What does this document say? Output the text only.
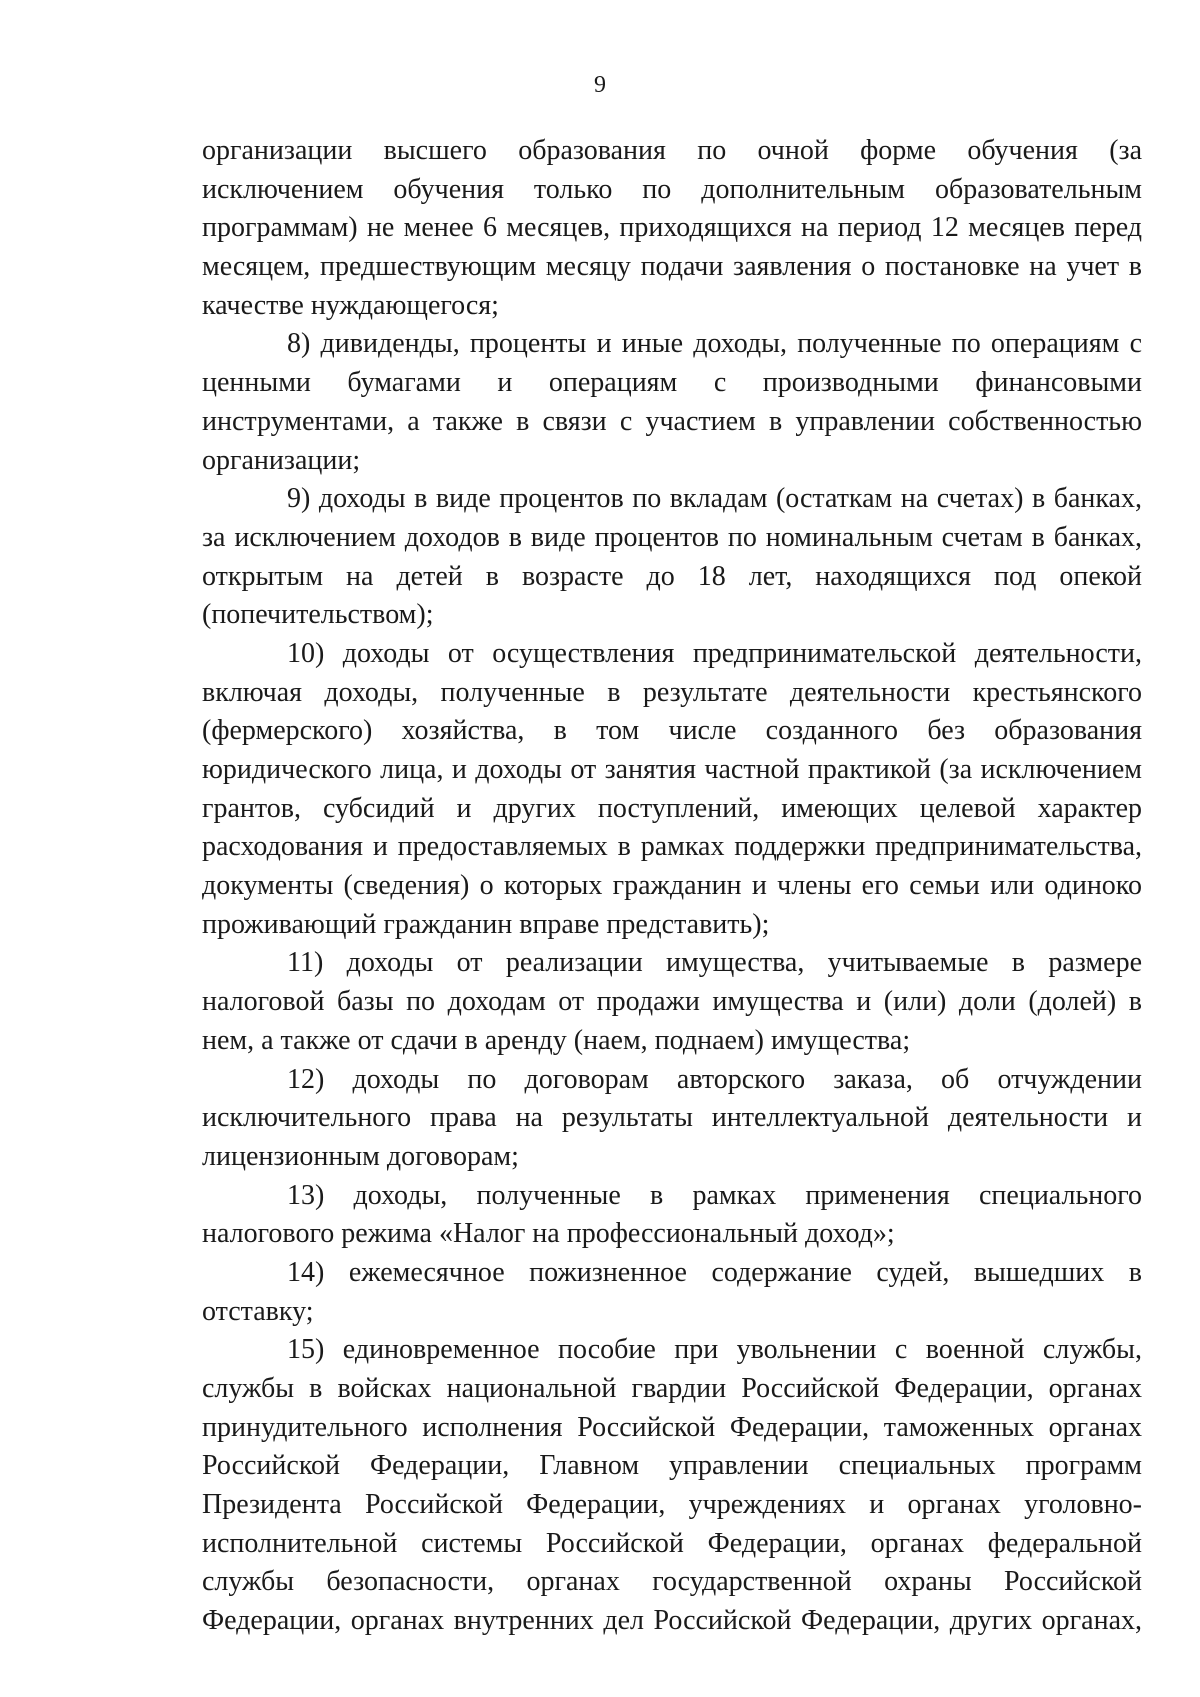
9
организации высшего образования по очной форме обучения (за
исключением обучения только по дополнительным образовательным
программам) не менее 6 месяцев, приходящихся на период 12 месяцев перед
месяцем, предшествующим месяцу подачи заявления о постановке на учет в
качестве нуждающегося;
8) дивиденды, проценты и иные доходы, полученные по операциям с
ценными бумагами и операциям с производными финансовыми
инструментами, а также в связи с участием в управлении собственностью
организации;
9) доходы в виде процентов по вкладам (остаткам на счетах) в банках,
за исключением доходов в виде процентов по номинальным счетам в банках,
открытым на детей в возрасте до 18 лет, находящихся под опекой
(попечительством);
10) доходы от осуществления предпринимательской деятельности,
включая доходы, полученные в результате деятельности крестьянского
(фермерского) хозяйства, в том числе созданного без образования
юридического лица, и доходы от занятия частной практикой (за исключением
грантов, субсидий и других поступлений, имеющих целевой характер
расходования и предоставляемых в рамках поддержки предпринимательства,
документы (сведения) о которых гражданин и члены его семьи или одиноко
проживающий гражданин вправе представить);
11) доходы от реализации имущества, учитываемые в размере
налоговой базы по доходам от продажи имущества и (или) доли (долей) в
нем, а также от сдачи в аренду (наем, поднаем) имущества;
12) доходы по договорам авторского заказа, об отчуждении
исключительного права на результаты интеллектуальной деятельности и
лицензионным договорам;
13) доходы, полученные в рамках применения специального
налогового режима «Налог на профессиональный доход»;
14) ежемесячное пожизненное содержание судей, вышедших в
отставку;
15) единовременное пособие при увольнении с военной службы,
службы в войсках национальной гвардии Российской Федерации, органах
принудительного исполнения Российской Федерации, таможенных органах
Российской Федерации, Главном управлении специальных программ
Президента Российской Федерации, учреждениях и органах уголовно-
исполнительной системы Российской Федерации, органах федеральной
службы безопасности, органах государственной охраны Российской
Федерации, органах внутренних дел Российской Федерации, других органах,
